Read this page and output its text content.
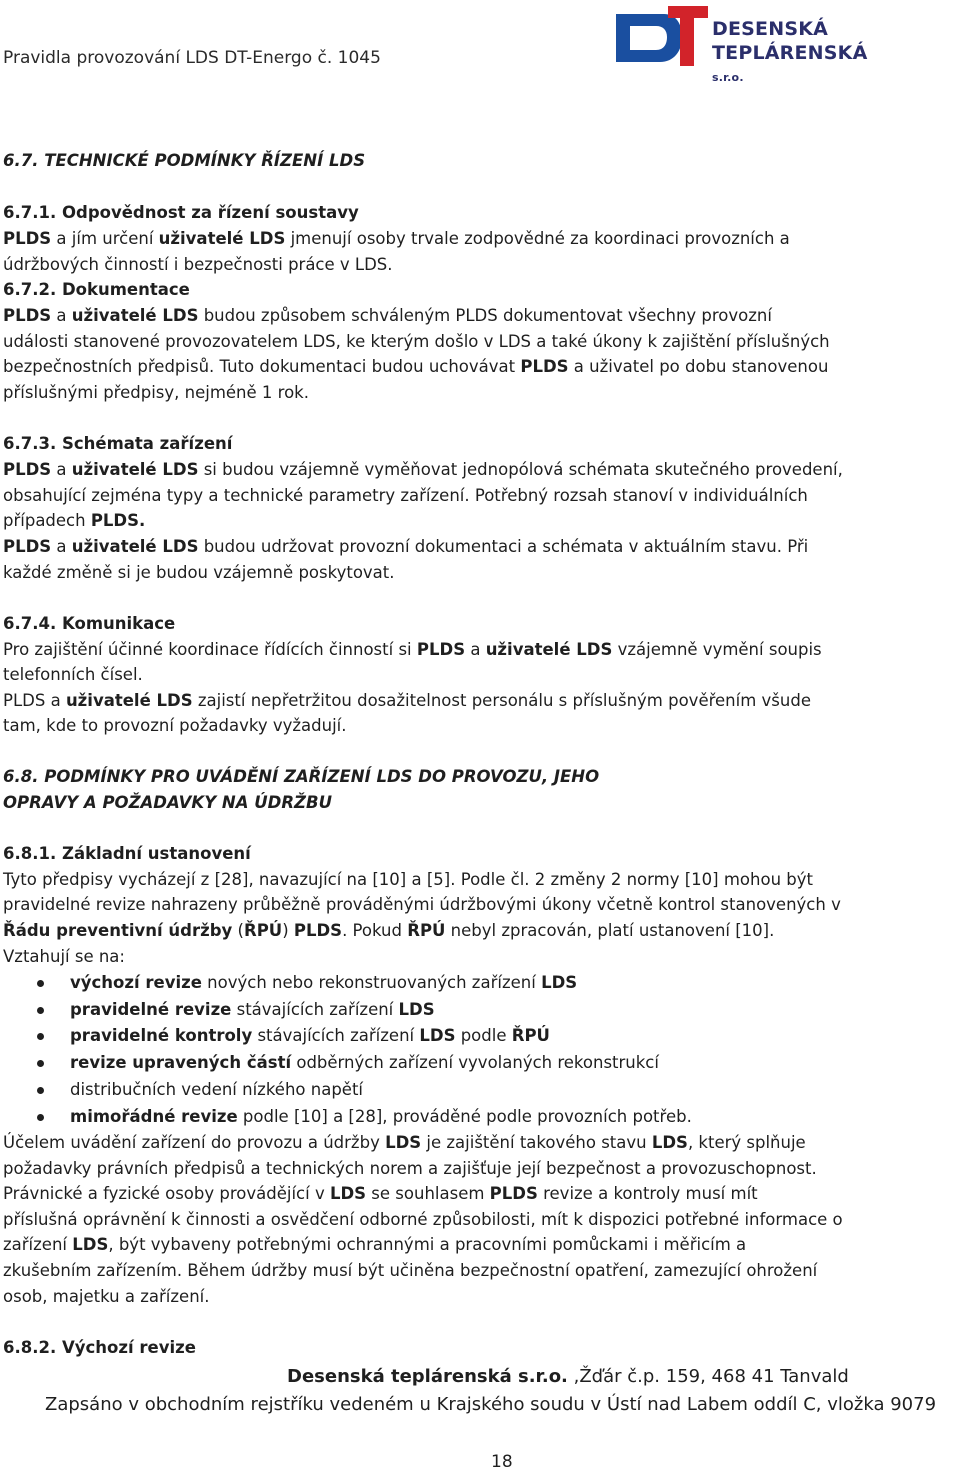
Pravidla provozování LDS DT-Energo č. 1045
DESENSKÁ
TEPLÁRENSKÁ s.r.o.
6.7. TECHNICKÉ PODMÍNKY ŘÍZENÍ LDS
6.7.1. Odpovědnost za řízení soustavy
PLDS a jím určení uživatelé LDS jmenují osoby trvale zodpovědné za koordinaci provozních a
údržbových činností i bezpečnosti práce v LDS.
6.7.2. Dokumentace
PLDS a uživatelé LDS budou způsobem schváleným PLDS dokumentovat všechny provozní
události stanovené provozovatelem LDS, ke kterým došlo v LDS a také úkony k zajištění příslušných
bezpečnostních předpisů. Tuto dokumentaci budou uchovávat PLDS a uživatel po dobu stanovenou
příslušnými předpisy, nejméně 1 rok.
6.7.3. Schémata zařízení
PLDS a uživatelé LDS si budou vzájemně vyměňovat jednopólová schémata skutečného provedení,
obsahující zejména typy a technické parametry zařízení. Potřebný rozsah stanoví v individuálních
případech PLDS.
PLDS a uživatelé LDS budou udržovat provozní dokumentaci a schémata v aktuálním stavu. Při
každé změně si je budou vzájemně poskytovat.
6.7.4. Komunikace
Pro zajištění účinné koordinace řídících činností si PLDS a uživatelé LDS vzájemně vymění soupis
telefonních čísel.
PLDS a uživatelé LDS zajistí nepřetržitou dosažitelnost personálu s příslušným pověřením všude
tam, kde to provozní požadavky vyžadují.
6.8. PODMÍNKY PRO UVÁDĚNÍ ZAŘÍZENÍ LDS DO PROVOZU, JEHO
OPRAVY A POŽADAVKY NA ÚDRŽBU
6.8.1. Základní ustanovení
Tyto předpisy vycházejí z [28], navazující na [10] a [5]. Podle čl. 2 změny 2 normy [10] mohou být
pravidelné revize nahrazeny průběžně prováděnými údržbovými úkony včetně kontrol stanovených v
Řádu preventivní údržby (ŘPÚ) PLDS. Pokud ŘPÚ nebyl zpracován, platí ustanovení [10].
Vztahují se na:
výchozí revize nových nebo rekonstruovaných zařízení LDS
pravidelné revize stávajících zařízení LDS
pravidelné kontroly stávajících zařízení LDS podle ŘPÚ
revize upravených částí odběrných zařízení vyvolaných rekonstrukcí
distribučních vedení nízkého napětí
mimořádné revize podle [10] a [28], prováděné podle provozních potřeb.
Účelem uvádění zařízení do provozu a údržby LDS je zajištění takového stavu LDS, který splňuje
požadavky právních předpisů a technických norem a zajišťuje její bezpečnost a provozuschopnost.
Právnické a fyzické osoby provádějící v LDS se souhlasem PLDS revize a kontroly musí mít
příslušná oprávnění k činnosti a osvědčení odborné způsobilosti, mít k dispozici potřebné informace o
zařízení LDS, být vybaveny potřebnými ochrannými a pracovními pomůckami i měřicím a
zkušebním zařízením. Během údržby musí být učiněna bezpečnostní opatření, zamezující ohrožení
osob, majetku a zařízení.
6.8.2. Výchozí revize
Desenská teplárenská s.r.o. ,Žďár č.p. 159, 468 41 Tanvald
Zapsáno v obchodním rejstříku vedeném u Krajského soudu v Ústí nad Labem oddíl C, vložka 9079
18
